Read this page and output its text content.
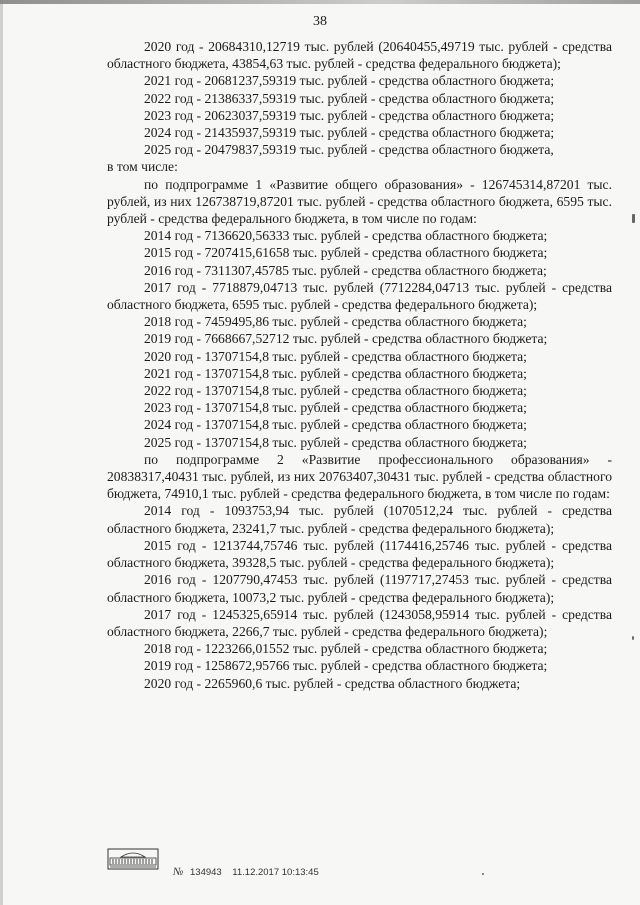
38

2020 год - 20684310,12719 тыс. рублей (20640455,49719 тыс. рублей - средства областного бюджета, 43854,63 тыс. рублей - средства федерального бюджета);

2021 год - 20681237,59319 тыс. рублей - средства областного бюджета;

2022 год - 21386337,59319 тыс. рублей - средства областного бюджета;

2023 год - 20623037,59319 тыс. рублей - средства областного бюджета;

2024 год - 21435937,59319 тыс. рублей - средства областного бюджета;

2025 год - 20479837,59319 тыс. рублей - средства областного бюджета,

в том числе:

по подпрограмме 1 «Развитие общего образования» - 126745314,87201 тыс. рублей, из них 126738719,87201 тыс. рублей - средства областного бюджета, 6595 тыс. рублей - средства федерального бюджета, в том числе по годам:

2014 год - 7136620,56333 тыс. рублей - средства областного бюджета;

2015 год - 7207415,61658 тыс. рублей - средства областного бюджета;

2016 год - 7311307,45785 тыс. рублей - средства областного бюджета;

2017 год - 7718879,04713 тыс. рублей (7712284,04713 тыс. рублей - средства областного бюджета, 6595 тыс. рублей - средства федерального бюджета);

2018 год - 7459495,86 тыс. рублей - средства областного бюджета;

2019 год - 7668667,52712 тыс. рублей - средства областного бюджета;

2020 год - 13707154,8 тыс. рублей - средства областного бюджета;

2021 год - 13707154,8 тыс. рублей - средства областного бюджета;

2022 год - 13707154,8 тыс. рублей - средства областного бюджета;

2023 год - 13707154,8 тыс. рублей - средства областного бюджета;

2024 год - 13707154,8 тыс. рублей - средства областного бюджета;

2025 год - 13707154,8 тыс. рублей - средства областного бюджета;

по подпрограмме 2 «Развитие профессионального образования» - 20838317,40431 тыс. рублей, из них 20763407,30431 тыс. рублей - средства областного бюджета, 74910,1 тыс. рублей - средства федерального бюджета, в том числе по годам:

2014 год - 1093753,94 тыс. рублей (1070512,24 тыс. рублей - средства областного бюджета, 23241,7 тыс. рублей - средства федерального бюджета);

2015 год - 1213744,75746 тыс. рублей (1174416,25746 тыс. рублей - средства областного бюджета, 39328,5 тыс. рублей - средства федерального бюджета);

2016 год - 1207790,47453 тыс. рублей (1197717,27453 тыс. рублей - средства областного бюджета, 10073,2 тыс. рублей - средства федерального бюджета);

2017 год - 1245325,65914 тыс. рублей (1243058,95914 тыс. рублей - средства областного бюджета, 2266,7 тыс. рублей - средства федерального бюджета);

2018 год - 1223266,01552 тыс. рублей - средства областного бюджета;

2019 год - 1258672,95766 тыс. рублей - средства областного бюджета;

2020 год - 2265960,6 тыс. рублей - средства областного бюджета;

№ 134943 11.12.2017 10:13:45
